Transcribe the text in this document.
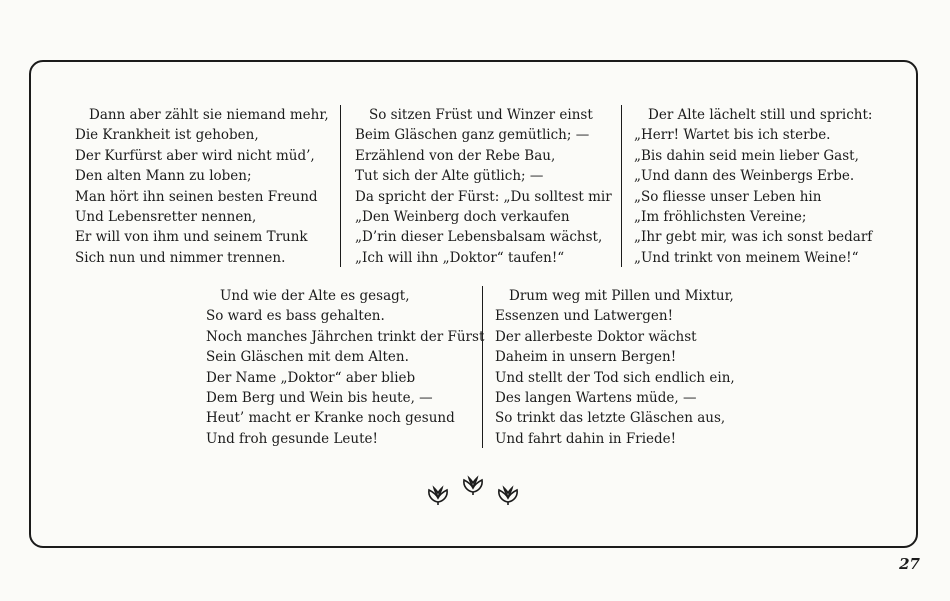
Dann aber zählt sie niemand mehr,
Die Krankheit ist gehoben,
Der Kurfürst aber wird nicht müd’,
Den alten Mann zu loben;
Man hört ihn seinen besten Freund
Und Lebensretter nennen,
Er will von ihm und seinem Trunk
Sich nun und nimmer trennen.
So sitzen Früst und Winzer einst
Beim Gläschen ganz gemütlich; —
Erzählend von der Rebe Bau,
Tut sich der Alte gütlich; —
Da spricht der Fürst: „Du solltest mir
„Den Weinberg doch verkaufen
„D’rin dieser Lebensbalsam wächst,
„Ich will ihn „Doktor“ taufen!“
Der Alte lächelt still und spricht:
„Herr! Wartet bis ich sterbe.
„Bis dahin seid mein lieber Gast,
„Und dann des Weinbergs Erbe.
„So fliesse unser Leben hin
„Im fröhlichsten Vereine;
„Ihr gebt mir, was ich sonst bedarf
„Und trinkt von meinem Weine!“
Und wie der Alte es gesagt,
So ward es bass gehalten.
Noch manches Jährchen trinkt der Fürst
Sein Gläschen mit dem Alten.
Der Name „Doktor“ aber blieb
Dem Berg und Wein bis heute, —
Heut’ macht er Kranke noch gesund
Und froh gesunde Leute!
Drum weg mit Pillen und Mixtur,
Essenzen und Latwergen!
Der allerbeste Doktor wächst
Daheim in unsern Bergen!
Und stellt der Tod sich endlich ein,
Des langen Wartens müde, —
So trinkt das letzte Gläschen aus,
Und fahrt dahin in Friede!
27
